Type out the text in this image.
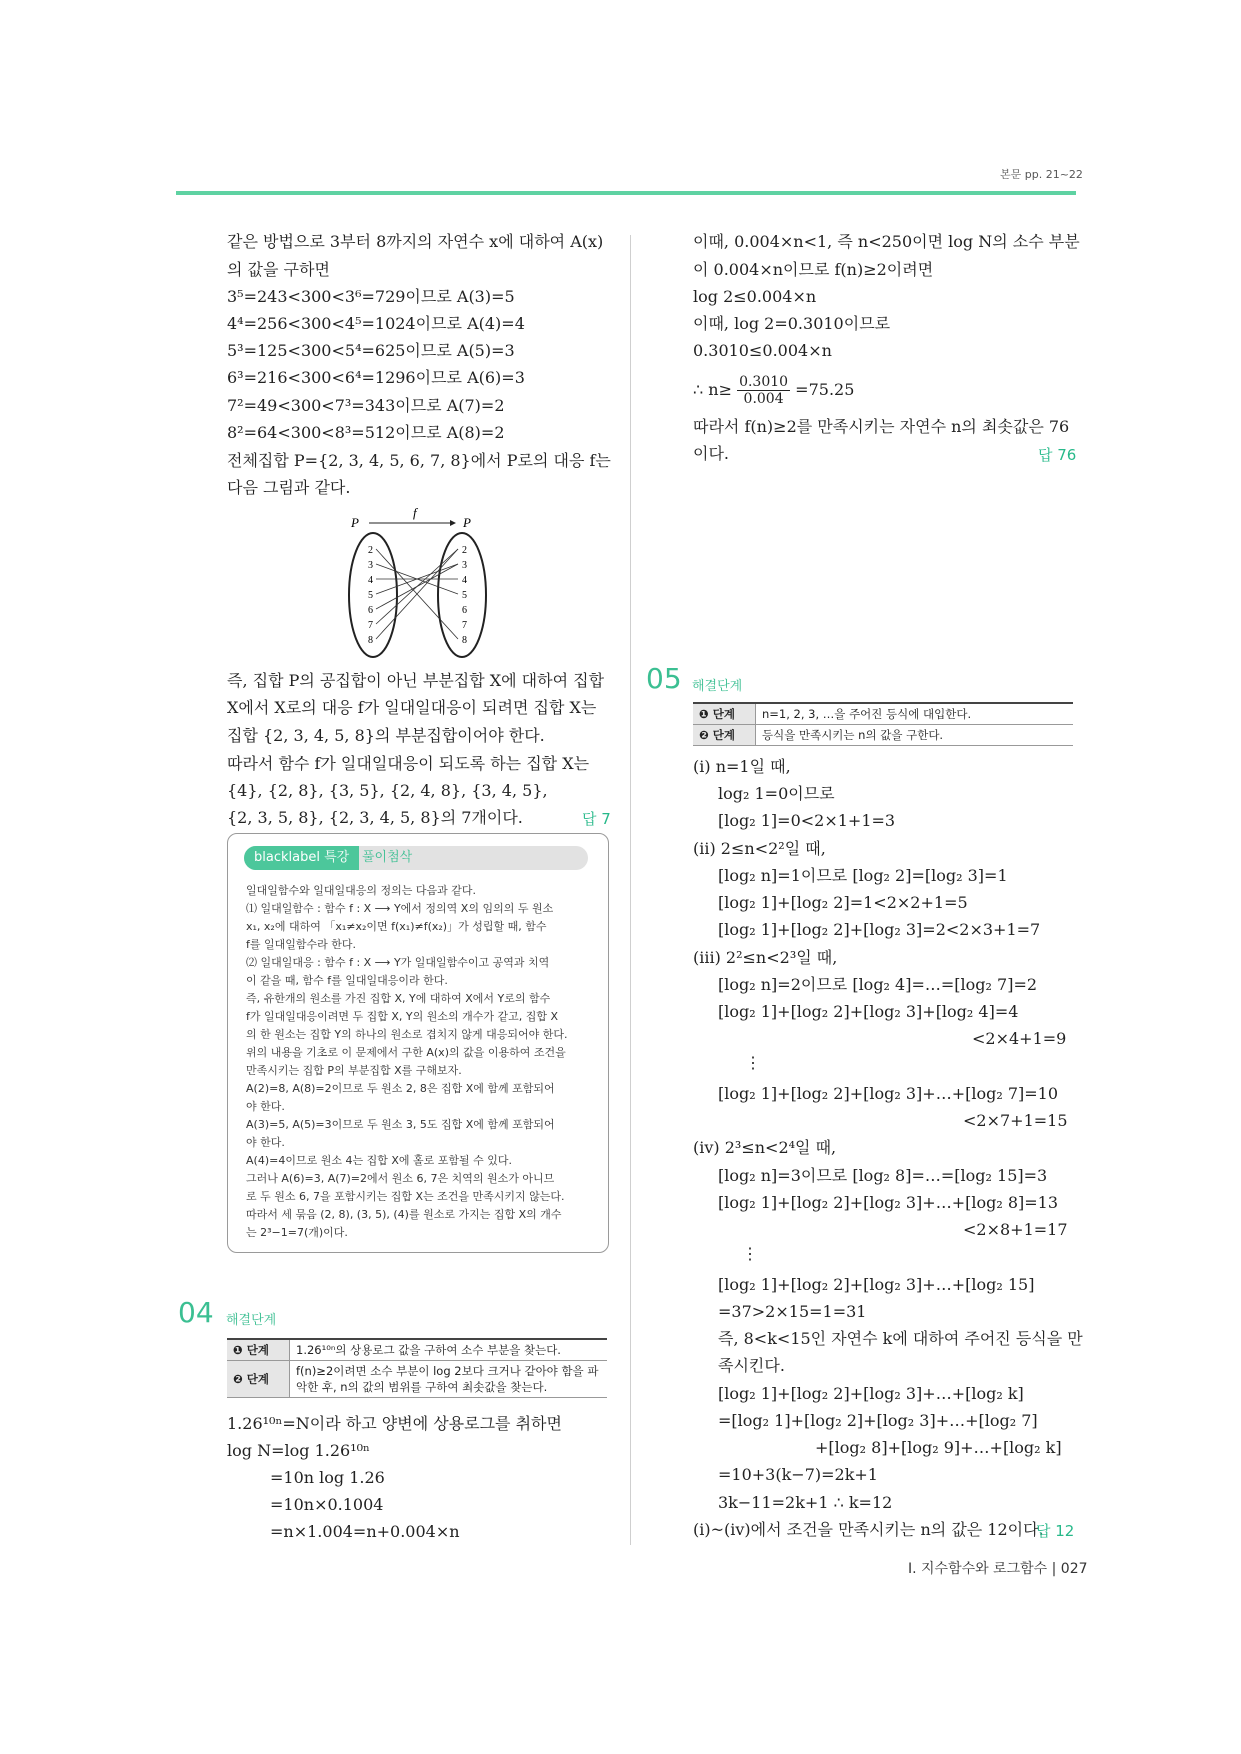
본문 pp. 21~22
같은 방법으로 3부터 8까지의 자연수 x에 대하여 A(x)
의 값을 구하면
3⁵=243<300<3⁶=729이므로 A(3)=5
4⁴=256<300<4⁵=1024이므로 A(4)=4
5³=125<300<5⁴=625이므로 A(5)=3
6³=216<300<6⁴=1296이므로 A(6)=3
7²=49<300<7³=343이므로 A(7)=2
8²=64<300<8³=512이므로 A(8)=2
전체집합 P={2, 3, 4, 5, 6, 7, 8}에서 P로의 대응 f는
다음 그림과 같다.
P	P
f
2
3
4
5
6
7
8
2
3
4
5
6
7
8
즉, 집합 P의 공집합이 아닌 부분집합 X에 대하여 집합
X에서 X로의 대응 f가 일대일대응이 되려면 집합 X는
집합 {2, 3, 4, 5, 8}의 부분집합이어야 한다.
따라서 함수 f가 일대일대응이 되도록 하는 집합 X는
{4}, {2, 8}, {3, 5}, {2, 4, 8}, {3, 4, 5},
{2, 3, 5, 8}, {2, 3, 4, 5, 8}의 7개이다.	답 7
blacklabel 특강 풀이첨삭
일대일함수와 일대일대응의 정의는 다음과 같다.
⑴ 일대일함수 : 함수 f : X ⟶ Y에서 정의역 X의 임의의 두 원소
x₁, x₂에 대하여 「x₁≠x₂이면 f(x₁)≠f(x₂)」가 성립할 때, 함수
f를 일대일함수라 한다.
⑵ 일대일대응 : 함수 f : X ⟶ Y가 일대일함수이고 공역과 치역
이 같을 때, 함수 f를 일대일대응이라 한다.
즉, 유한개의 원소를 가진 집합 X, Y에 대하여 X에서 Y로의 함수
f가 일대일대응이려면 두 집합 X, Y의 원소의 개수가 같고, 집합 X
의 한 원소는 집합 Y의 하나의 원소로 겹치지 않게 대응되어야 한다.
위의 내용을 기초로 이 문제에서 구한 A(x)의 값을 이용하여 조건을
만족시키는 집합 P의 부분집합 X를 구해보자.
A(2)=8, A(8)=2이므로 두 원소 2, 8은 집합 X에 함께 포함되어
야 한다.
A(3)=5, A(5)=3이므로 두 원소 3, 5도 집합 X에 함께 포함되어
야 한다.
A(4)=4이므로 원소 4는 집합 X에 홀로 포함될 수 있다.
그러나 A(6)=3, A(7)=2에서 원소 6, 7은 치역의 원소가 아니므
로 두 원소 6, 7을 포함시키는 집합 X는 조건을 만족시키지 않는다.
따라서 세 묶음 (2, 8), (3, 5), (4)를 원소로 가지는 집합 X의 개수
는 2³−1=7(개)이다.
04 해결단계
❶ 단계	1.26¹⁰ⁿ의 상용로그 값을 구하여 소수 부분을 찾는다.
❷ 단계	f(n)≥2이려면 소수 부분이 log 2보다 크거나 같아야 함을 파악한 후, n의 값의 범위를 구하여 최솟값을 찾는다.
1.26¹⁰ⁿ=N이라 하고 양변에 상용로그를 취하면
log N=log 1.26¹⁰ⁿ
=10n log 1.26
=10n×0.1004
=n×1.004=n+0.004×n
이때, 0.004×n<1, 즉 n<250이면 log N의 소수 부분
이 0.004×n이므로 f(n)≥2이려면
log 2≤0.004×n
이때, log 2=0.3010이므로
0.3010≤0.004×n
∴ $n\ge \frac{0.3010}{0.004} =75.25$
따라서 f(n)≥2를 만족시키는 자연수 n의 최솟값은 76
이다.	답 76
05 해결단계
❶ 단계	n=1, 2, 3, …을 주어진 등식에 대입한다.
❷ 단계	등식을 만족시키는 n의 값을 구한다.
(i) n=1일 때,
log₂ 1=0이므로
[log₂ 1]=0<2×1+1=3
(ii) 2≤n<2²일 때,
[log₂ n]=1이므로 [log₂ 2]=[log₂ 3]=1
[log₂ 1]+[log₂ 2]=1<2×2+1=5
[log₂ 1]+[log₂ 2]+[log₂ 3]=2<2×3+1=7
(iii) 2²≤n<2³일 때,
[log₂ n]=2이므로 [log₂ 4]=…=[log₂ 7]=2
[log₂ 1]+[log₂ 2]+[log₂ 3]+[log₂ 4]=4
<2×4+1=9
⋮
[log₂ 1]+[log₂ 2]+[log₂ 3]+…+[log₂ 7]=10
<2×7+1=15
(iv) 2³≤n<2⁴일 때,
[log₂ n]=3이므로 [log₂ 8]=…=[log₂ 15]=3
[log₂ 1]+[log₂ 2]+[log₂ 3]+…+[log₂ 8]=13
<2×8+1=17
⋮
[log₂ 1]+[log₂ 2]+[log₂ 3]+…+[log₂ 15]
=37>2×15=1=31
즉, 8<k<15인 자연수 k에 대하여 주어진 등식을 만
족시킨다.
[log₂ 1]+[log₂ 2]+[log₂ 3]+…+[log₂ k]
=[log₂ 1]+[log₂ 2]+[log₂ 3]+…+[log₂ 7]
+[log₂ 8]+[log₂ 9]+…+[log₂ k]
=10+3(k−7)=2k+1
3k−11=2k+1 ∴ k=12
(i)~(iv)에서 조건을 만족시키는 n의 값은 12이다.
답 12
Ⅰ. 지수함수와 로그함수 | 027
